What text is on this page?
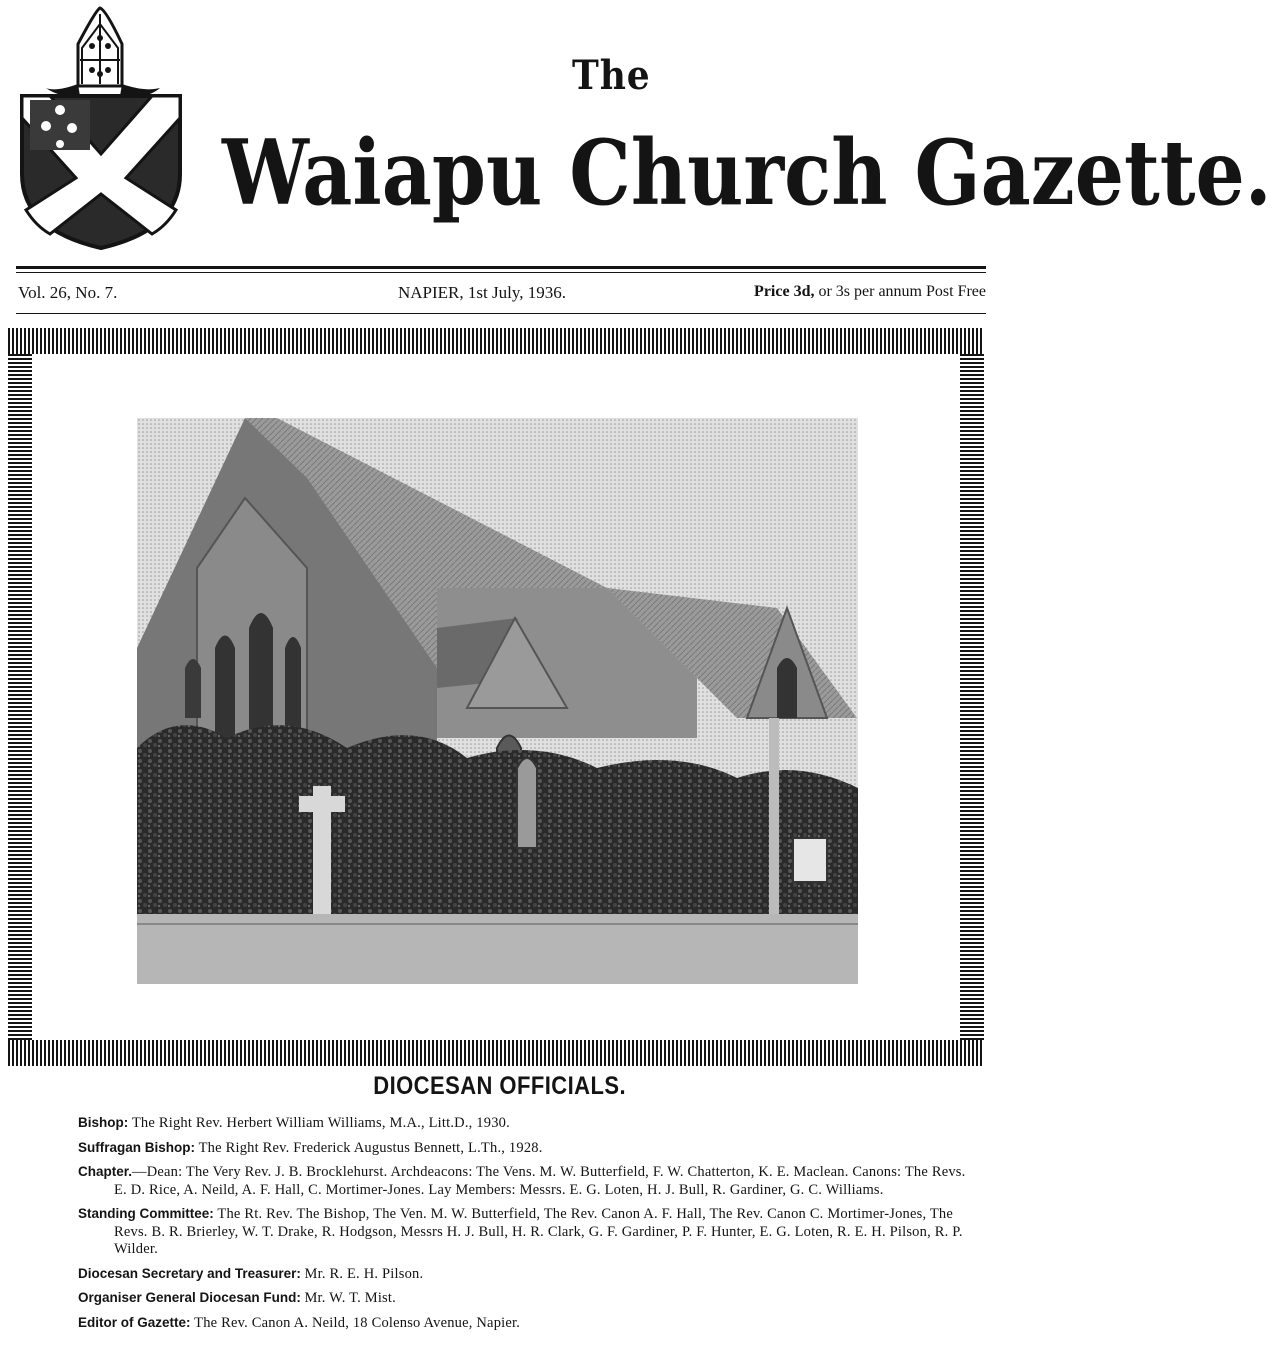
The
Waiapu Church Gazette.
Vol. 26, No. 7.	NAPIER, 1st July, 1936.	Price 3d, or 3s per annum Post Free
DIOCESAN OFFICIALS.

Bishop: The Right Rev. Herbert William Williams, M.A., Litt.D., 1930.

Suffragan Bishop: The Right Rev. Frederick Augustus Bennett, L.Th., 1928.

Chapter.—Dean: The Very Rev. J. B. Brocklehurst. Archdeacons: The Vens. M. W. Butterfield, F. W. Chatterton, K. E. Maclean. Canons: The Revs. E. D. Rice, A. Neild, A. F. Hall, C. Mortimer-Jones. Lay Members: Messrs. E. G. Loten, H. J. Bull, R. Gardiner, G. C. Williams.

Standing Committee: The Rt. Rev. The Bishop, The Ven. M. W. Butterfield, The Rev. Canon A. F. Hall, The Rev. Canon C. Mortimer-Jones, The Revs. B. R. Brierley, W. T. Drake, R. Hodgson, Messrs H. J. Bull, H. R. Clark, G. F. Gardiner, P. F. Hunter, E. G. Loten, R. E. H. Pilson, R. P. Wilder.

Diocesan Secretary and Treasurer: Mr. R. E. H. Pilson.

Organiser General Diocesan Fund: Mr. W. T. Mist.

Editor of Gazette: The Rev. Canon A. Neild, 18 Colenso Avenue, Napier.
